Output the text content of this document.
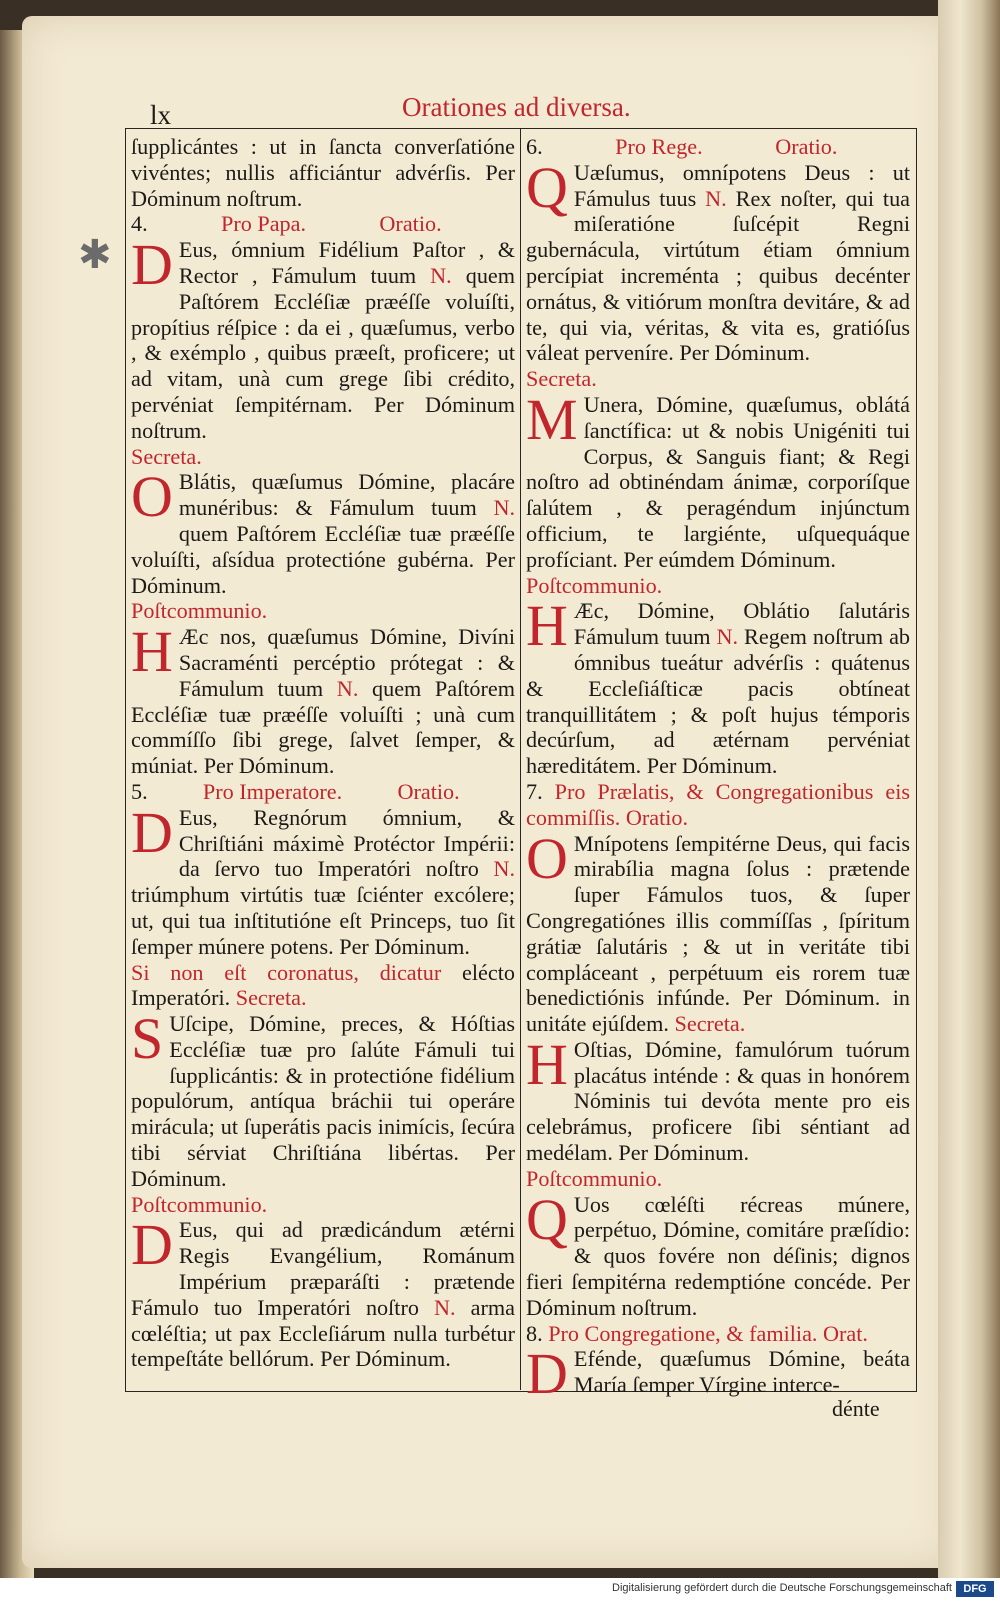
lx	Orationes ad diversa.
✱

ſupplicántes : ut in ſancta converſatióne vivéntes; nullis afficiántur advérſis. Per Dóminum noſtrum.

4.	Pro Papa.	Oratio.

D Eus, ómnium Fidélium Paſtor , & Rector , Fámulum tuum N. quem Paſtórem Eccléſiæ præéſſe voluíſti, propítius réſpice : da ei , quæſumus, verbo , & exémplo , quibus præeſt, proficere; ut ad vitam, unà cum grege ſibi crédito, pervéniat ſempitérnam. Per Dóminum noſtrum.

Secreta.

O Blátis, quæſumus Dómine, placáre munéribus: & Fámulum tuum N. quem Paſtórem Eccléſiæ tuæ præéſſe voluíſti, aſsídua protectióne gubérna. Per Dóminum.

Poſtcommunio.

H Æc nos, quæſumus Dómine, Divíni Sacraménti percéptio prótegat : & Fámulum tuum N. quem Paſtórem Eccléſiæ tuæ præéſſe voluíſti ; unà cum commíſſo ſibi grege, ſalvet ſemper, & múniat. Per Dóminum.

5. Pro Imperatore. Oratio.

D Eus, Regnórum ómnium, & Chriſtiáni máximè Protéctor Impérii: da ſervo tuo Imperatóri noſtro N. triúmphum virtútis tuæ ſciénter excólere; ut, qui tua inſtitutióne eſt Princeps, tuo ſit ſemper múnere potens. Per Dóminum.

Si non eſt coronatus, dicatur elécto Imperatóri. Secreta.

S Uſcipe, Dómine, preces, & Hóſtias Eccléſiæ tuæ pro ſalúte Fámuli tui ſupplicántis: & in protectióne fidélium populórum, antíqua bráchii tui operáre mirácula; ut ſuperátis pacis inimícis, ſecúra tibi sérviat Chriſtiána libértas. Per Dóminum.

Poſtcommunio.

D Eus, qui ad prædicándum ætérni Regis Evangélium, Románum Impérium præparáſti : prætende Fámulo tuo Imperatóri noſtro N. arma cœléſtia; ut pax Eccleſiárum nulla turbétur tempeſtáte bellórum. Per Dóminum.

6.	Pro Rege.	Oratio.

Q Uæſumus, omnípotens Deus : ut Fámulus tuus N. Rex noſter, qui tua miſeratióne ſuſcépit Regni gubernácula, virtútum étiam ómnium percípiat increménta ; quibus decénter ornátus, & vitiórum monſtra devitáre, & ad te, qui via, véritas, & vita es, gratióſus váleat perveníre. Per Dóminum.

Secreta.

M Unera, Dómine, quæſumus, oblátá ſanctífica: ut & nobis Unigéniti tui Corpus, & Sanguis fiant; & Regi noſtro ad obtinéndam ánimæ, corporíſque ſalútem , & peragéndum injúnctum officium, te largiénte, uſquequáque profíciant. Per eúmdem Dóminum.

Poſtcommunio.

H Æc, Dómine, Oblátio ſalutáris Fámulum tuum N. Regem noſtrum ab ómnibus tueátur advérſis : quátenus & Eccleſiáſticæ pacis obtíneat tranquillitátem ; & poſt hujus témporis decúrſum, ad ætérnam pervéniat hæreditátem. Per Dóminum.

7. Pro Prælatis, & Congregationibus eis commiſſis. Oratio.

O Mnípotens ſempitérne Deus, qui facis mirabília magna ſolus : prætende ſuper Fámulos tuos, & ſuper Congregatiónes illis commíſſas , ſpíritum grátiæ ſalutáris ; & ut in veritáte tibi compláceant , perpétuum eis rorem tuæ benedictiónis infúnde. Per Dóminum. in unitáte ejúſdem. Secreta.

H Oſtias, Dómine, famulórum tuórum placátus inténde : & quas in honórem Nóminis tui devóta mente pro eis celebrámus, proficere ſibi séntiant ad medélam. Per Dóminum.

Poſtcommunio.

Q Uos cœléſti récreas múnere, perpétuo, Dómine, comitáre præſídio: & quos fovére non déſinis; dignos fieri ſempitérna redemptióne concéde. Per Dóminum noſtrum.

8. Pro Congregatione, & familia. Orat.

D Eféndе, quæſumus Dómine, beáta María ſemper Vírgine interce-

dénte
Digitalisierung gefördert durch die Deutsche Forschungsgemeinschaft	DFG
